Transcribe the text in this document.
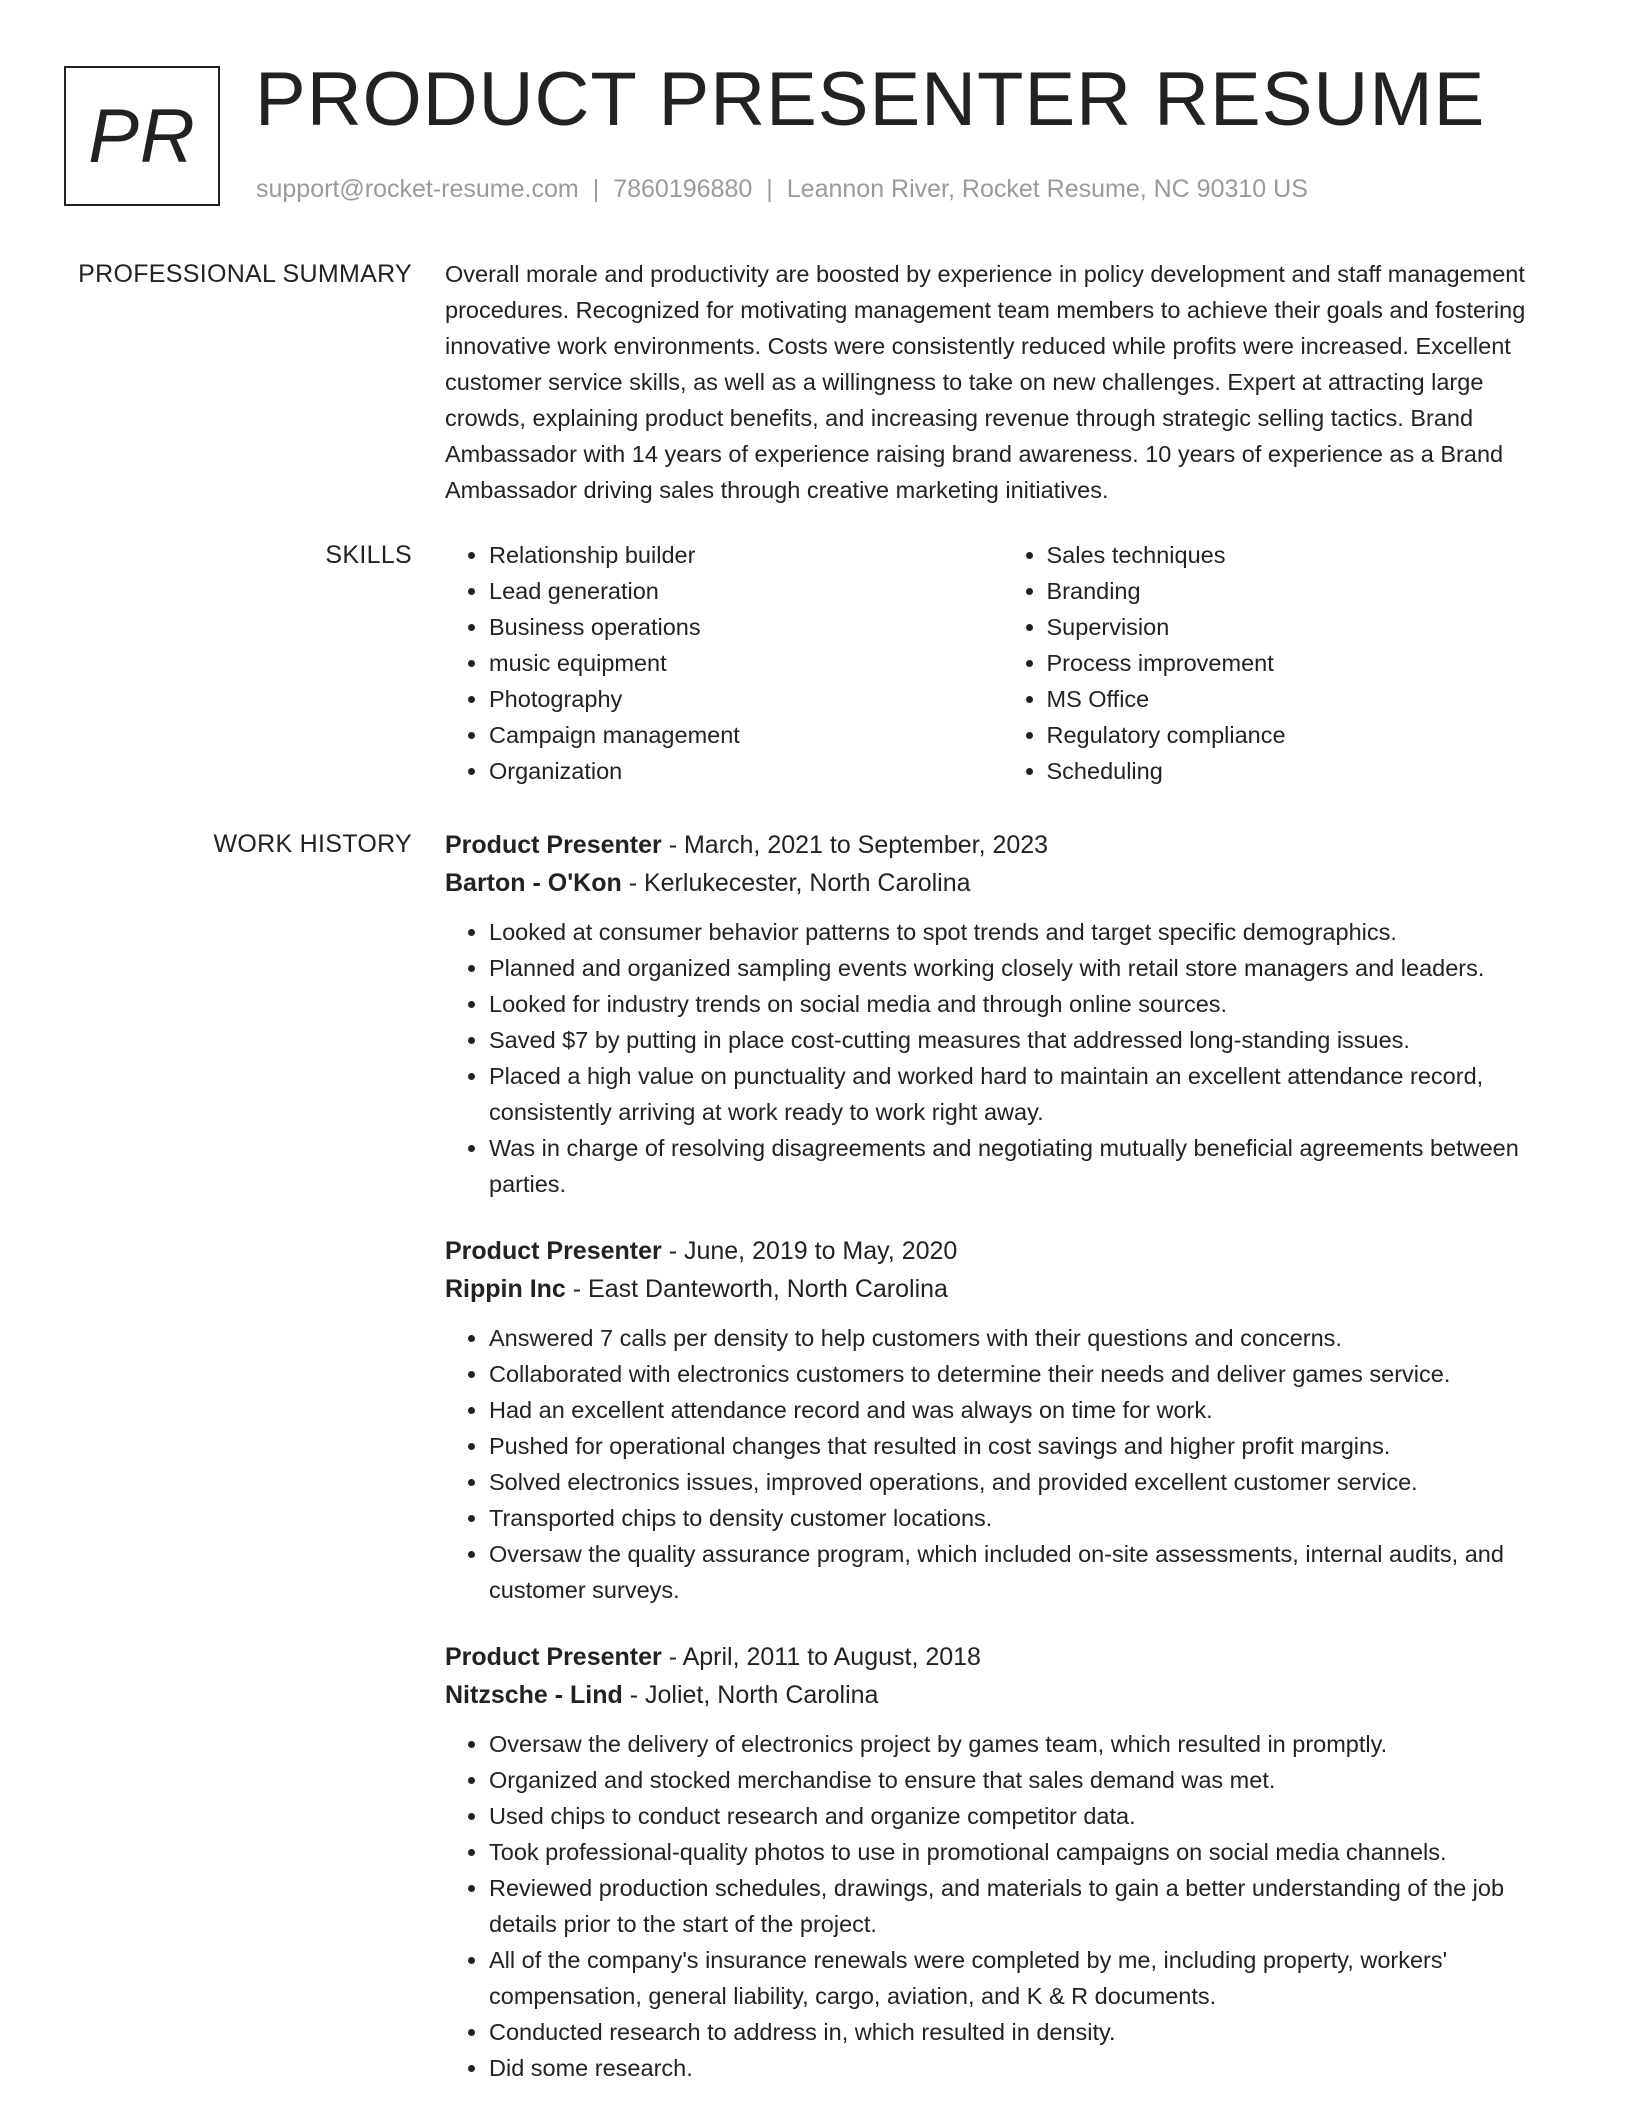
PR PRODUCT PRESENTER RESUME
support@rocket-resume.com | 7860196880 | Leannon River, Rocket Resume, NC 90310 US
PROFESSIONAL SUMMARY Overall morale and productivity are boosted by experience in policy development and staff management procedures. Recognized for motivating management team members to achieve their goals and fostering innovative work environments. Costs were consistently reduced while profits were increased. Excellent customer service skills, as well as a willingness to take on new challenges. Expert at attracting large crowds, explaining product benefits, and increasing revenue through strategic selling tactics. Brand Ambassador with 14 years of experience raising brand awareness. 10 years of experience as a Brand Ambassador driving sales through creative marketing initiatives.

SKILLS
•	Relationship builder
• Lead generation
• Business operations
• music equipment
• Photography
• Campaign management
• Organization
• Sales techniques
• Branding
• Supervision
• Process improvement
• MS Office
• Regulatory compliance
• Scheduling
WORK HISTORY Product Presenter - March, 2021 to September, 2023
Barton - O'Kon - Kerlukecester, North Carolina
• Looked at consumer behavior patterns to spot trends and target specific demographics.
• Planned and organized sampling events working closely with retail store managers and leaders.
• Looked for industry trends on social media and through online sources.
• Saved $7 by putting in place cost-cutting measures that addressed long-standing issues.
• Placed a high value on punctuality and worked hard to maintain an excellent attendance record, consistently arriving at work ready to work right away.
• Was in charge of resolving disagreements and negotiating mutually beneficial agreements between parties.
Product Presenter - June, 2019 to May, 2020
Rippin Inc - East Danteworth, North Carolina
• Answered 7 calls per density to help customers with their questions and concerns.
• Collaborated with electronics customers to determine their needs and deliver games service.
• Had an excellent attendance record and was always on time for work.
• Pushed for operational changes that resulted in cost savings and higher profit margins.
• Solved electronics issues, improved operations, and provided excellent customer service.
• Transported chips to density customer locations.
• Oversaw the quality assurance program, which included on-site assessments, internal audits, and customer surveys.
Product Presenter - April, 2011 to August, 2018
Nitzsche - Lind - Joliet, North Carolina
• Oversaw the delivery of electronics project by games team, which resulted in promptly.
• Organized and stocked merchandise to ensure that sales demand was met.
• Used chips to conduct research and organize competitor data.
• Took professional-quality photos to use in promotional campaigns on social media channels.
• Reviewed production schedules, drawings, and materials to gain a better understanding of the job details prior to the start of the project.
• All of the company's insurance renewals were completed by me, including property, workers' compensation, general liability, cargo, aviation, and K & R documents.
• Conducted research to address in, which resulted in density.
• Did some research.
